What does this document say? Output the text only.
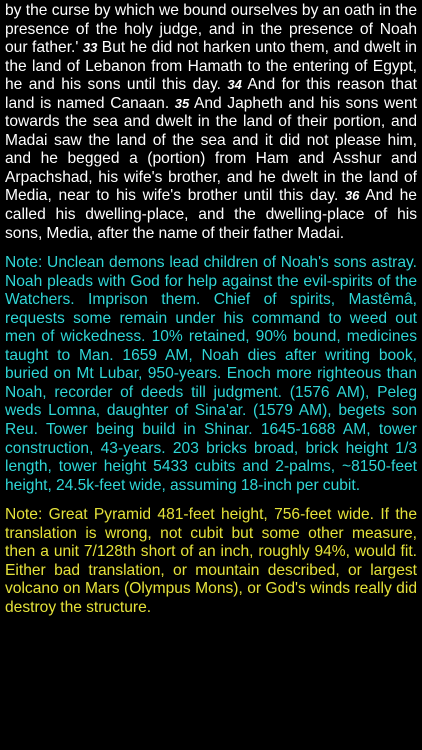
by the curse by which we bound ourselves by an oath in the presence of the holy judge, and in the presence of Noah our father.' 33 But he did not harken unto them, and dwelt in the land of Lebanon from Hamath to the entering of Egypt, he and his sons until this day. 34 And for this reason that land is named Canaan. 35 And Japheth and his sons went towards the sea and dwelt in the land of their portion, and Madai saw the land of the sea and it did not please him, and he begged a (portion) from Ham and Asshur and Arpachshad, his wife's brother, and he dwelt in the land of Media, near to his wife's brother until this day. 36 And he called his dwelling-place, and the dwelling-place of his sons, Media, after the name of their father Madai.

Note: Unclean demons lead children of Noah's sons astray. Noah pleads with God for help against the evil-spirits of the Watchers. Imprison them. Chief of spirits, Mastêmâ, requests some remain under his command to weed out men of wickedness. 10% retained, 90% bound, medicines taught to Man. 1659 AM, Noah dies after writing book, buried on Mt Lubar, 950-years. Enoch more righteous than Noah, recorder of deeds till judgment. (1576 AM), Peleg weds Lomna, daughter of Sina'ar. (1579 AM), begets son Reu. Tower being build in Shinar. 1645-1688 AM, tower construction, 43-years. 203 bricks broad, brick height 1/3 length, tower height 5433 cubits and 2-palms, ~8150-feet height, 24.5k-feet wide, assuming 18-inch per cubit.

Note: Great Pyramid 481-feet height, 756-feet wide. If the translation is wrong, not cubit but some other measure, then a unit 7/128th short of an inch, roughly 94%, would fit. Either bad translation, or mountain described, or largest volcano on Mars (Olympus Mons), or God's winds really did destroy the structure.
